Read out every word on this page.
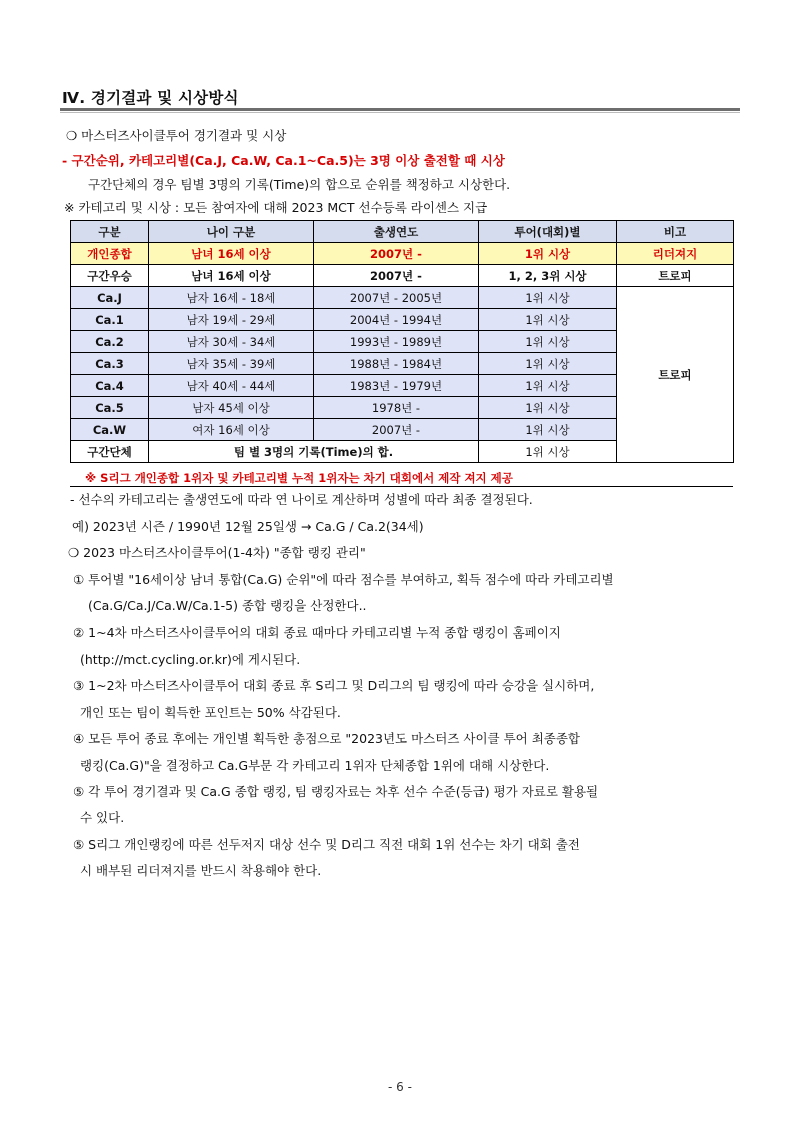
Ⅳ. 경기결과 및 시상방식
❍ 마스터즈사이클투어 경기결과 및 시상
- 구간순위, 카테고리별(Ca.J, Ca.W, Ca.1~Ca.5)는 3명 이상 출전할 때 시상
구간단체의 경우 팀별 3명의 기록(Time)의 합으로 순위를 책정하고 시상한다.
※ 카테고리 및 시상 : 모든 참여자에 대해 2023 MCT 선수등록 라이센스 지급
구분	나이 구분	출생연도	투어(대회)별	비고
개인종합	남녀 16세 이상	2007년 -	1위 시상	리더져지
구간우승	남녀 16세 이상	2007년 -	1, 2, 3위 시상	트로피
Ca.J	남자 16세 - 18세	2007년 - 2005년	1위 시상	트로피
Ca.1	남자 19세 - 29세	2004년 - 1994년	1위 시상	
Ca.2	남자 30세 - 34세	1993년 - 1989년	1위 시상	
Ca.3	남자 35세 - 39세	1988년 - 1984년	1위 시상	
Ca.4	남자 40세 - 44세	1983년 - 1979년	1위 시상	
Ca.5	남자 45세 이상	1978년 -	1위 시상	
Ca.W	여자 16세 이상	2007년 -	1위 시상	
구간단체	팀 별 3명의 기록(Time)의 합.		1위 시상	
※ S리그 개인종합 1위자 및 카테고리별 누적 1위자는 차기 대회에서 제작 져지 제공
- 선수의 카테고리는 출생연도에 따라 연 나이로 계산하며 성별에 따라 최종 결정된다.
예) 2023년 시즌 / 1990년 12월 25일생 → Ca.G / Ca.2(34세)
❍ 2023 마스터즈사이클투어(1-4차) "종합 랭킹 관리"
① 투어별 "16세이상 남녀 통합(Ca.G) 순위"에 따라 점수를 부여하고, 획득 점수에 따라 카테고리별
(Ca.G/Ca.J/Ca.W/Ca.1-5) 종합 랭킹을 산정한다..
② 1~4차 마스터즈사이클투어의 대회 종료 때마다 카테고리별 누적 종합 랭킹이 홈페이지
(http://mct.cycling.or.kr)에 게시된다.
③ 1~2차 마스터즈사이클투어 대회 종료 후 S리그 및 D리그의 팀 랭킹에 따라 승강을 실시하며,
개인 또는 팀이 획득한 포인트는 50% 삭감된다.
④ 모든 투어 종료 후에는 개인별 획득한 총점으로 "2023년도 마스터즈 사이클 투어 최종종합
랭킹(Ca.G)"을 결정하고 Ca.G부문 각 카테고리 1위자 단체종합 1위에 대해 시상한다.
⑤ 각 투어 경기결과 및 Ca.G 종합 랭킹, 팀 랭킹자료는 차후 선수 수준(등급) 평가 자료로 활용될
수 있다.
⑤ S리그 개인랭킹에 따른 선두저지 대상 선수 및 D리그 직전 대회 1위 선수는 차기 대회 출전
시 배부된 리더져지를 반드시 착용해야 한다.
- 6 -
